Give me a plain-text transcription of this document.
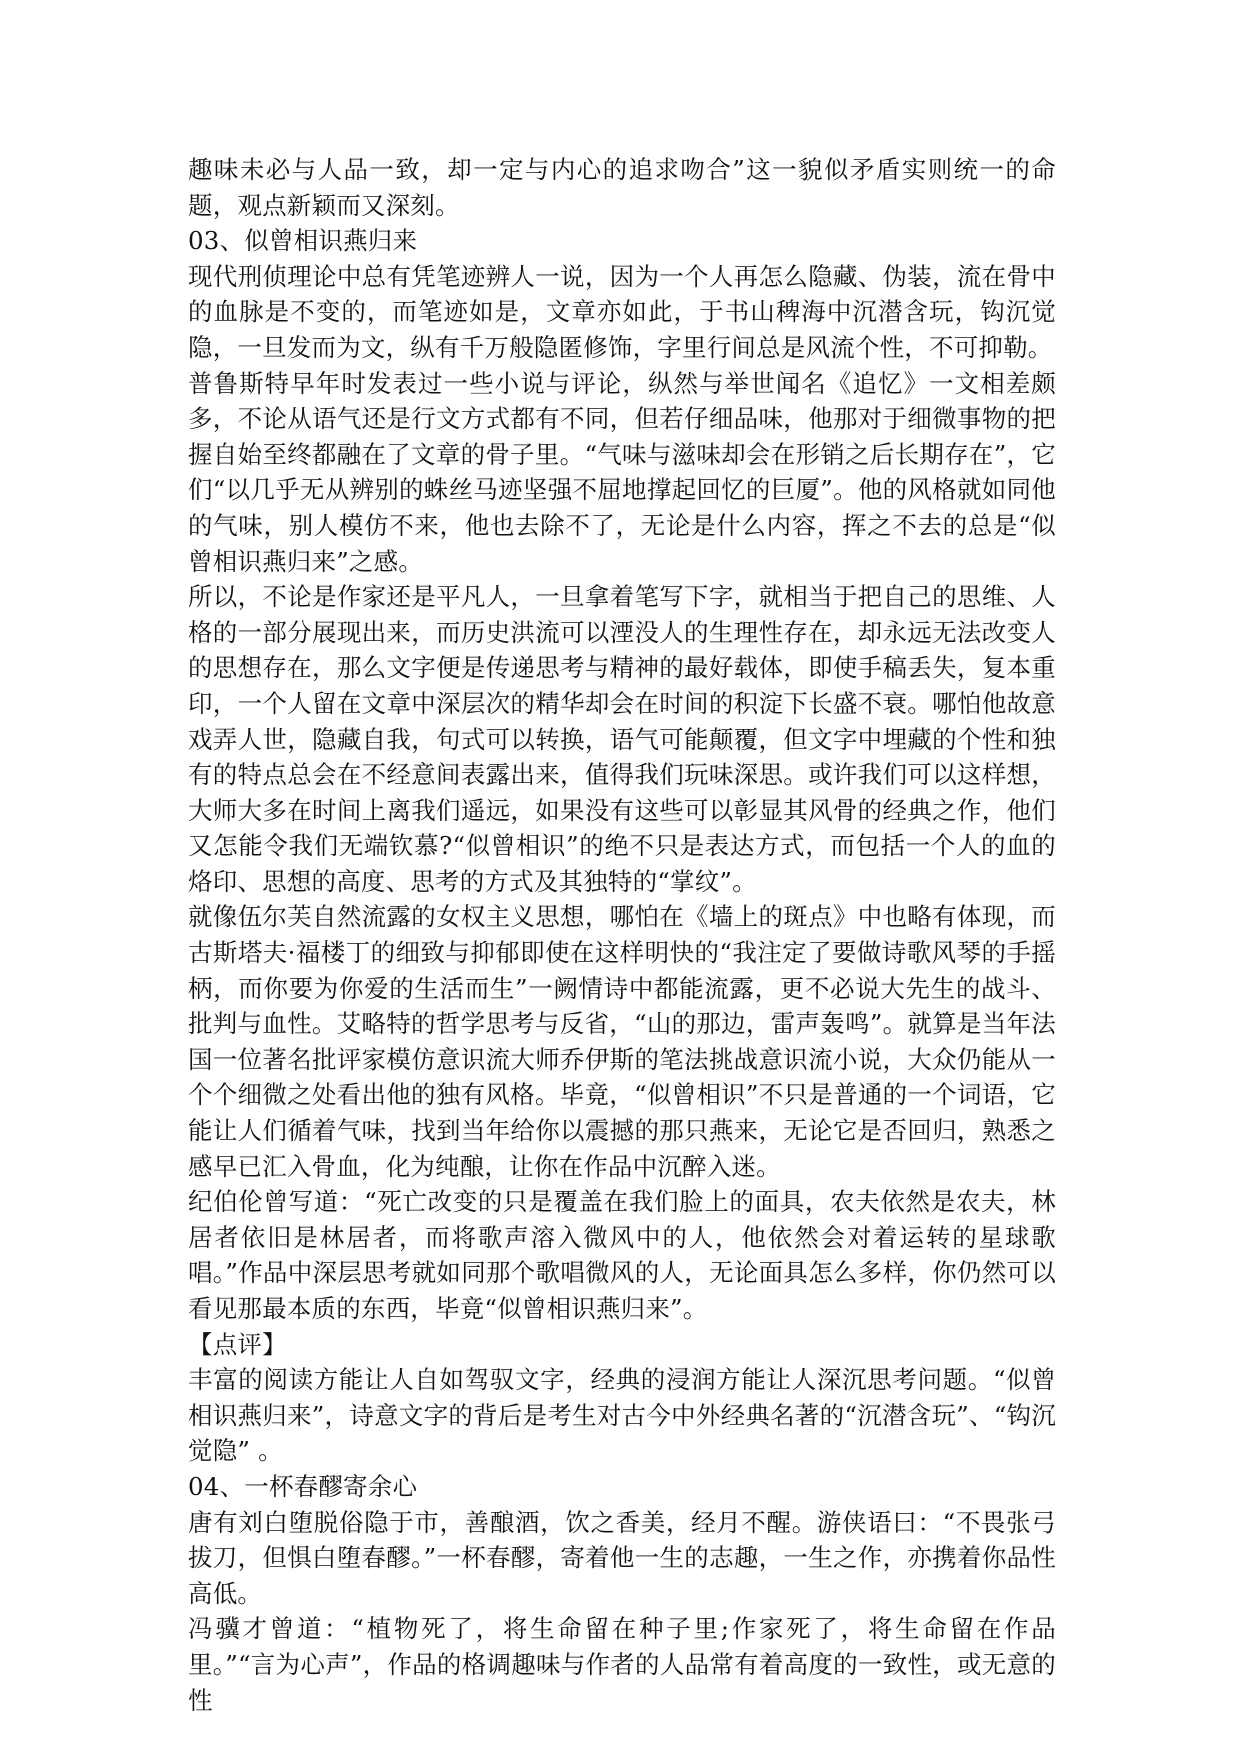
趣味未必与人品一致，却一定与内心的追求吻合”这一貌似矛盾实则统一的命题，观点新颖而又深刻。

03、似曾相识燕归来

现代刑侦理论中总有凭笔迹辨人一说，因为一个人再怎么隐藏、伪装，流在骨中的血脉是不变的，而笔迹如是，文章亦如此，于书山稗海中沉潜含玩，钩沉觉隐，一旦发而为文，纵有千万般隐匿修饰，字里行间总是风流个性，不可抑勒。

普鲁斯特早年时发表过一些小说与评论，纵然与举世闻名《追忆》一文相差颇多，不论从语气还是行文方式都有不同，但若仔细品味，他那对于细微事物的把握自始至终都融在了文章的骨子里。“气味与滋味却会在形销之后长期存在”，它们“以几乎无从辨别的蛛丝马迹坚强不屈地撑起回忆的巨厦”。他的风格就如同他的气味，别人模仿不来，他也去除不了，无论是什么内容，挥之不去的总是“似曾相识燕归来”之感。

所以，不论是作家还是平凡人，一旦拿着笔写下字，就相当于把自己的思维、人格的一部分展现出来，而历史洪流可以湮没人的生理性存在，却永远无法改变人的思想存在，那么文字便是传递思考与精神的最好载体，即使手稿丢失，复本重印，一个人留在文章中深层次的精华却会在时间的积淀下长盛不衰。哪怕他故意戏弄人世，隐藏自我，句式可以转换，语气可能颠覆，但文字中埋藏的个性和独有的特点总会在不经意间表露出来，值得我们玩味深思。或许我们可以这样想，大师大多在时间上离我们遥远，如果没有这些可以彰显其风骨的经典之作，他们又怎能令我们无端钦慕?“似曾相识”的绝不只是表达方式，而包括一个人的血的烙印、思想的高度、思考的方式及其独特的“掌纹”。

就像伍尔芙自然流露的女权主义思想，哪怕在《墙上的斑点》中也略有体现，而古斯塔夫·福楼丁的细致与抑郁即使在这样明快的“我注定了要做诗歌风琴的手摇柄，而你要为你爱的生活而生”一阙情诗中都能流露，更不必说大先生的战斗、批判与血性。艾略特的哲学思考与反省，“山的那边，雷声轰鸣”。就算是当年法国一位著名批评家模仿意识流大师乔伊斯的笔法挑战意识流小说，大众仍能从一个个细微之处看出他的独有风格。毕竟，“似曾相识”不只是普通的一个词语，它能让人们循着气味，找到当年给你以震撼的那只燕来，无论它是否回归，熟悉之感早已汇入骨血，化为纯酿，让你在作品中沉醉入迷。

纪伯伦曾写道：“死亡改变的只是覆盖在我们脸上的面具，农夫依然是农夫，林居者依旧是林居者，而将歌声溶入微风中的人，他依然会对着运转的星球歌唱。”作品中深层思考就如同那个歌唱微风的人，无论面具怎么多样，你仍然可以看见那最本质的东西，毕竟“似曾相识燕归来”。

【点评】

丰富的阅读方能让人自如驾驭文字，经典的浸润方能让人深沉思考问题。“似曾相识燕归来”，诗意文字的背后是考生对古今中外经典名著的“沉潜含玩”、“钩沉觉隐” 。

04、一杯春醪寄余心

唐有刘白堕脱俗隐于市，善酿酒，饮之香美，经月不醒。游侠语曰：“不畏张弓拔刀，但惧白堕春醪。”一杯春醪，寄着他一生的志趣，一生之作，亦携着你品性高低。

冯骥才曾道：“植物死了，将生命留在种子里;作家死了，将生命留在作品里。”“言为心声”，作品的格调趣味与作者的人品常有着高度的一致性，或无意的性
